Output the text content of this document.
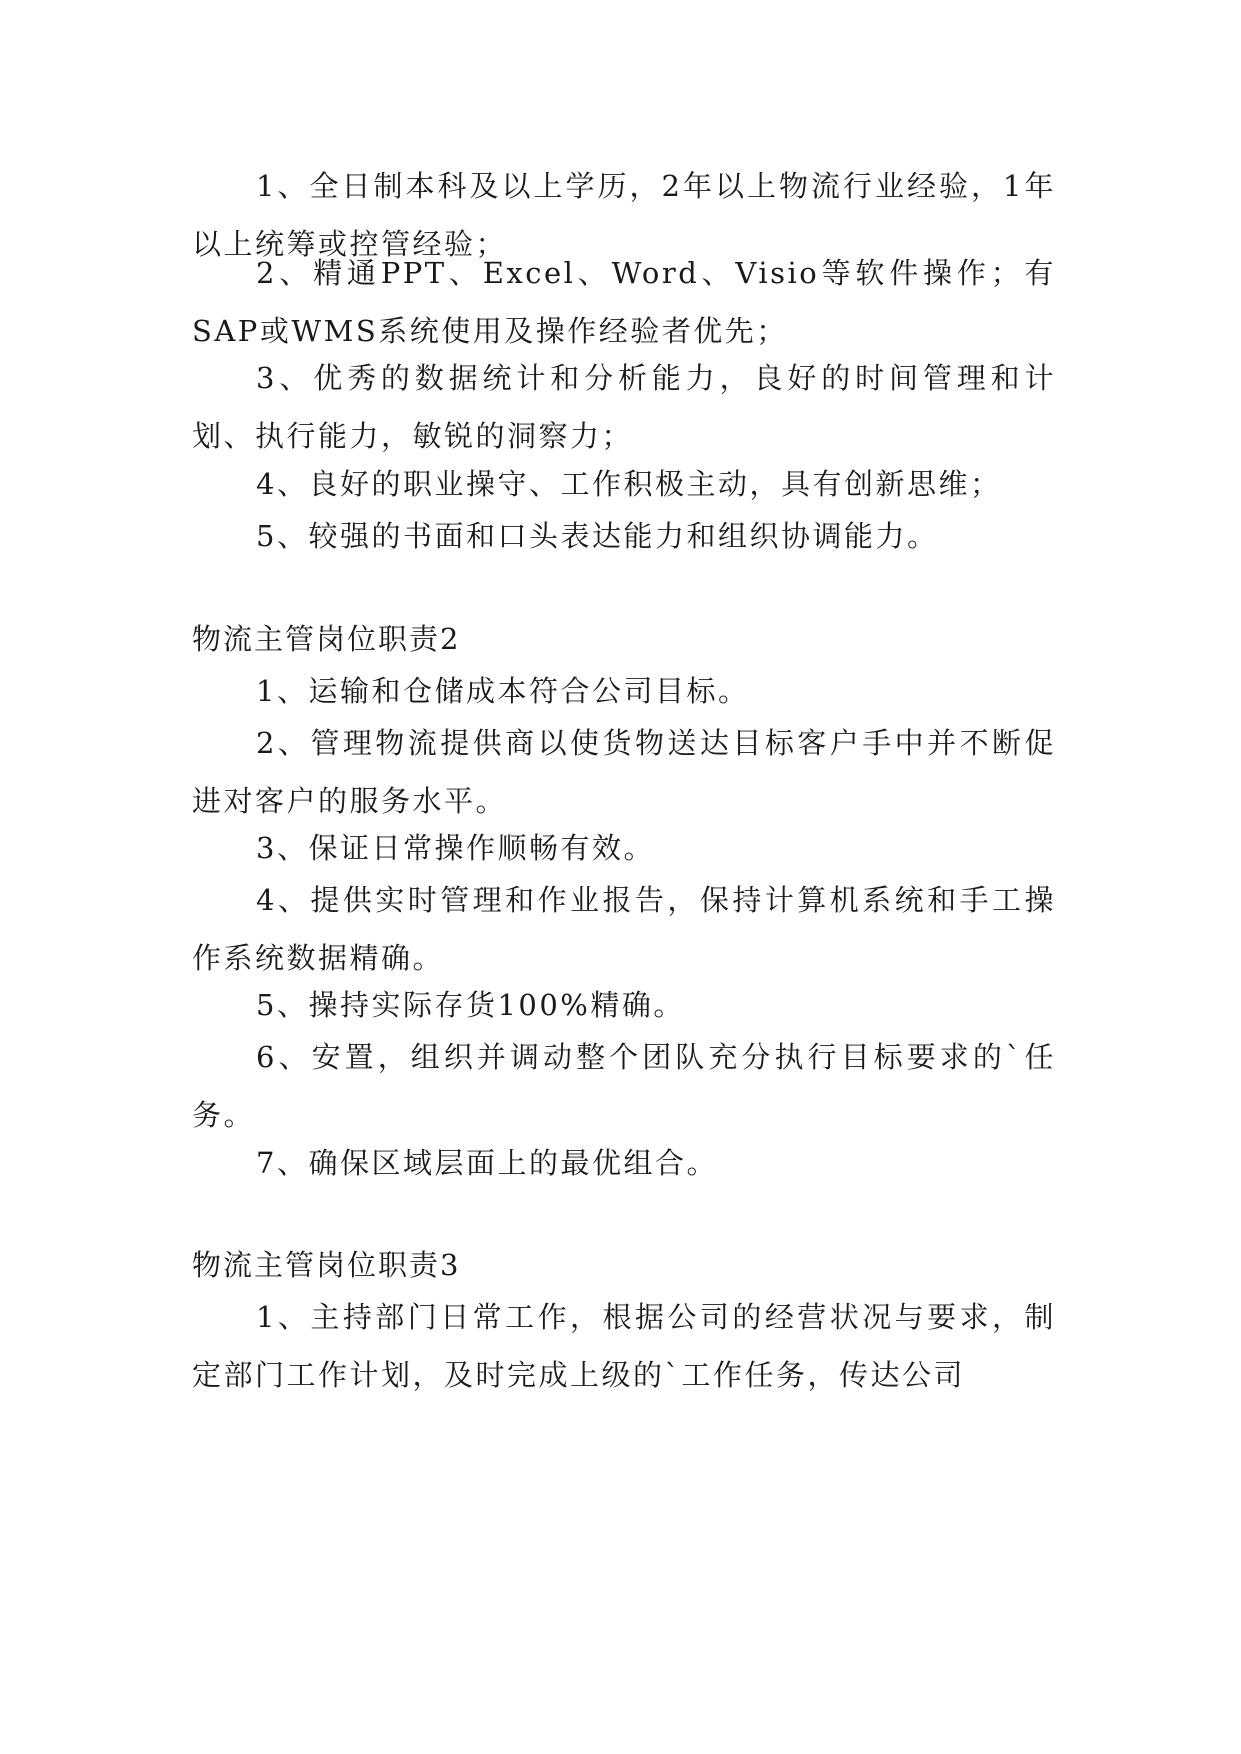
1、全日制本科及以上学历，2年以上物流行业经验，1年以上统筹或控管经验；

2、精通PPT、Excel、Word、Visio等软件操作；有SAP或WMS系统使用及操作经验者优先；

3、优秀的数据统计和分析能力，良好的时间管理和计划、执行能力，敏锐的洞察力；

4、良好的职业操守、工作积极主动，具有创新思维；

5、较强的书面和口头表达能力和组织协调能力。

物流主管岗位职责2

1、运输和仓储成本符合公司目标。

2、管理物流提供商以使货物送达目标客户手中并不断促进对客户的服务水平。

3、保证日常操作顺畅有效。

4、提供实时管理和作业报告，保持计算机系统和手工操作系统数据精确。

5、操持实际存货100%精确。

6、安置，组织并调动整个团队充分执行目标要求的`任务。

7、确保区域层面上的最优组合。

物流主管岗位职责3

1、主持部门日常工作，根据公司的经营状况与要求，制定部门工作计划，及时完成上级的`工作任务，传达公司
